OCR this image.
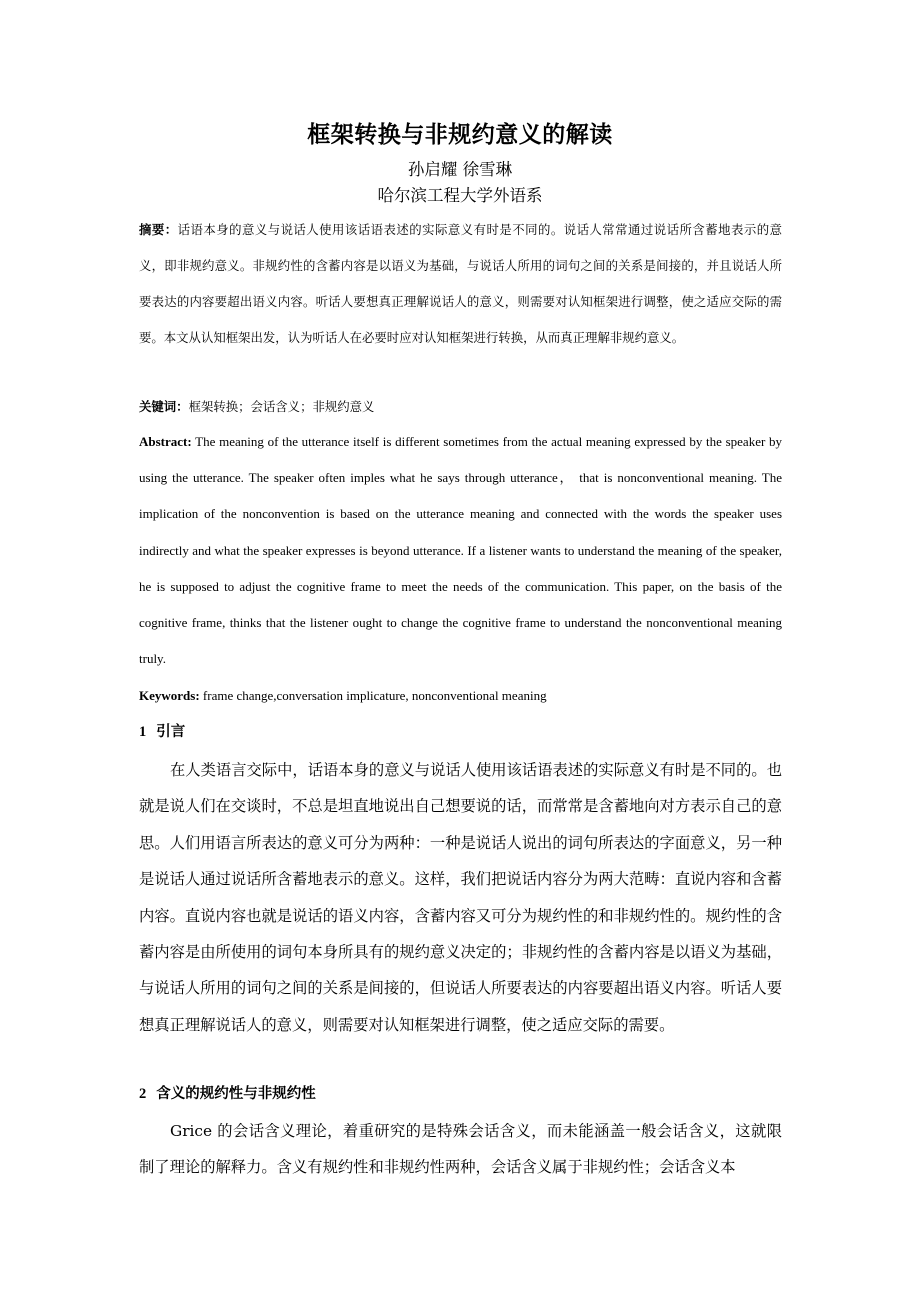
框架转换与非规约意义的解读
孙启耀 徐雪琳
哈尔滨工程大学外语系
摘要：话语本身的意义与说话人使用该话语表述的实际意义有时是不同的。说话人常常通过说话所含蓄地表示的意义，即非规约意义。非规约性的含蓄内容是以语义为基础，与说话人所用的词句之间的关系是间接的，并且说话人所要表达的内容要超出语义内容。听话人要想真正理解说话人的意义，则需要对认知框架进行调整，使之适应交际的需要。本文从认知框架出发，认为听话人在必要时应对认知框架进行转换，从而真正理解非规约意义。
关键词：框架转换；会话含义；非规约意义
Abstract: The meaning of the utterance itself is different sometimes from the actual meaning expressed by the speaker by using the utterance. The speaker often imples what he says through utterance， that is nonconventional meaning. The implication of the nonconvention is based on the utterance meaning and connected with the words the speaker uses indirectly and what the speaker expresses is beyond utterance. If a listener wants to understand the meaning of the speaker, he is supposed to adjust the cognitive frame to meet the needs of the communication. This paper, on the basis of the cognitive frame, thinks that the listener ought to change the cognitive frame to understand the nonconventional meaning truly.
Keywords: frame change,conversation implicature, nonconventional meaning
1 引言
在人类语言交际中，话语本身的意义与说话人使用该话语表述的实际意义有时是不同的。也就是说人们在交谈时，不总是坦直地说出自己想要说的话，而常常是含蓄地向对方表示自己的意思。人们用语言所表达的意义可分为两种：一种是说话人说出的词句所表达的字面意义，另一种是说话人通过说话所含蓄地表示的意义。这样，我们把说话内容分为两大范畴：直说内容和含蓄内容。直说内容也就是说话的语义内容，含蓄内容又可分为规约性的和非规约性的。规约性的含蓄内容是由所使用的词句本身所具有的规约意义决定的；非规约性的含蓄内容是以语义为基础，与说话人所用的词句之间的关系是间接的，但说话人所要表达的内容要超出语义内容。听话人要想真正理解说话人的意义，则需要对认知框架进行调整，使之适应交际的需要。
2 含义的规约性与非规约性
Grice 的会话含义理论，着重研究的是特殊会话含义，而未能涵盖一般会话含义，这就限制了理论的解释力。含义有规约性和非规约性两种，会话含义属于非规约性；会话含义本
